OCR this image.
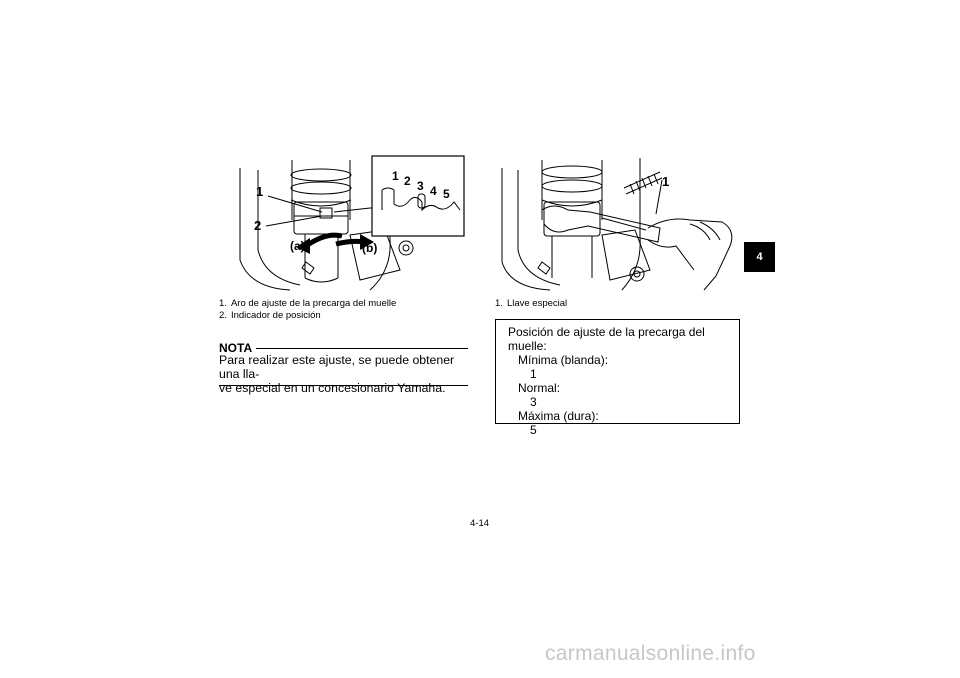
1
2
1 2 3 4 5
(a)	(b)
1
1. Aro de ajuste de la precarga del muelle
2. Indicador de posición
1. Llave especial
NOTA
Para realizar este ajuste, se puede obtener una lla-
ve especial en un concesionario Yamaha.
Posición de ajuste de la precarga del muelle:
Mínima (blanda):
1
Normal:
3
Máxima (dura):
5
4-14
4
carmanualsonline.info
